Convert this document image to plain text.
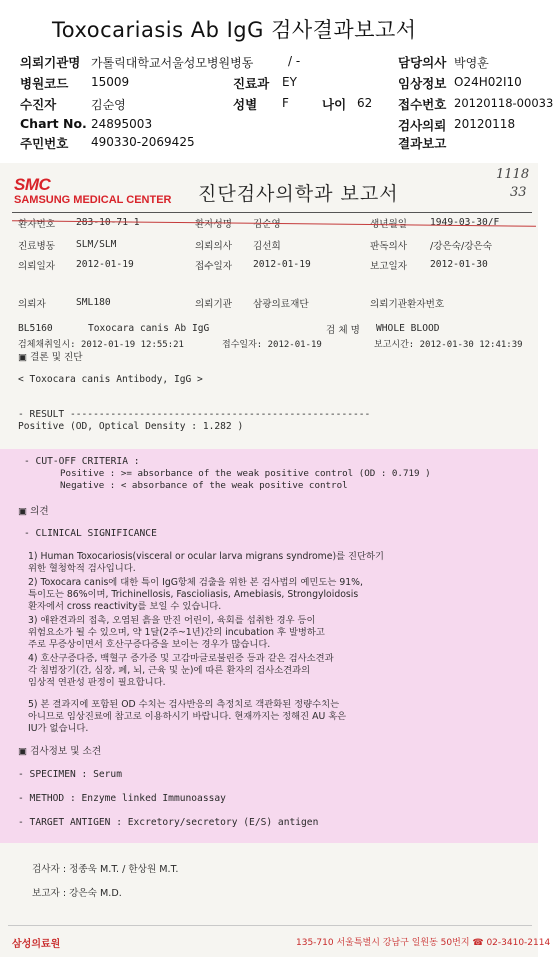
Toxocariasis Ab IgG 검사결과보고서
의뢰기관명 가톨릭대학교서울성모병원병동	/ -	담당의사 박영훈
병원코드 15009	진료과 EY	임상정보 O24H02I10
수진자	김순영	성별 F	나이 62 접수번호 20120118-00033
Chart No. 24895003	검사의뢰 20120118
주민번호 490330-2069425	결과보고
SMC
SAMSUNG MEDICAL CENTER 진단검사의학과 보고서
1118
33
환자번호 283-10-71-1	환자성명 김순영	생년월일 1949-03-30/F
진료병동 SLM/SLM	의뢰의사 김선희	판독의사 /강은숙/강은숙
의뢰일자 2012-01-19	접수일자 2012-01-19	보고일자 2012-01-30
의뢰자	SML180	의뢰기관 삼광의료재단	의뢰기관환자번호
BL5160	Toxocara canis Ab IgG	검 체 명 WHOLE BLOOD
검체채취일시: 2012-01-19 12:55:21	접수일자: 2012-01-19	보고시간: 2012-01-30 12:41:39
▣ 결론 및 진단
< Toxocara canis Antibody, IgG >
- RESULT ----------------------------------------------------
Positive (OD, Optical Density : 1.282 )
- CUT-OFF CRITERIA :
Positive : >= absorbance of the weak positive control (OD : 0.719 )
Negative : < absorbance of the weak positive control
▣ 의견
- CLINICAL SIGNIFICANCE
1) Human Toxocariosis(visceral or ocular larva migrans syndrome)를 진단하기
위한 혈청학적 검사입니다.
2) Toxocara canis에 대한 특이 IgG항체 검출을 위한 본 검사법의 예민도는 91%,
특이도는 86%이며, Trichinellosis, Fascioliasis, Amebiasis, Strongyloidosis
환자에서 cross reactivity를 보일 수 있습니다.
3) 애완견과의 접촉, 오염된 흙을 만진 어린이, 육회를 섭취한 경우 등이
위험요소가 될 수 있으며, 약 1달(2주~1년)간의 incubation 후 발병하고
주로 무증상이면서 호산구증다증을 보이는 경우가 많습니다.
4) 호산구증다증, 백혈구 증가증 및 고감마글로불린증 등과 같은 검사소견과
각 침범장기(간, 심장, 폐, 뇌, 근육 및 눈)에 따른 환자의 검사소견과의
임상적 연관성 판정이 필요합니다.
5) 본 결과지에 포함된 OD 수치는 검사반응의 측정치로 객관화된 정량수치는
아니므로 임상진료에 참고로 이용하시기 바랍니다. 현재까지는 정해진 AU 혹은
IU가 없습니다.
▣ 검사정보 및 소견
- SPECIMEN : Serum
- METHOD : Enzyme linked Immunoassay
- TARGET ANTIGEN : Excretory/secretory (E/S) antigen
검사자 : 정종욱 M.T. / 한상원 M.T.
보고자 : 강은숙 M.D.
삼성의료원	135-710 서울특별시 강남구 일원동 50번지 ☎ 02-3410-2114
